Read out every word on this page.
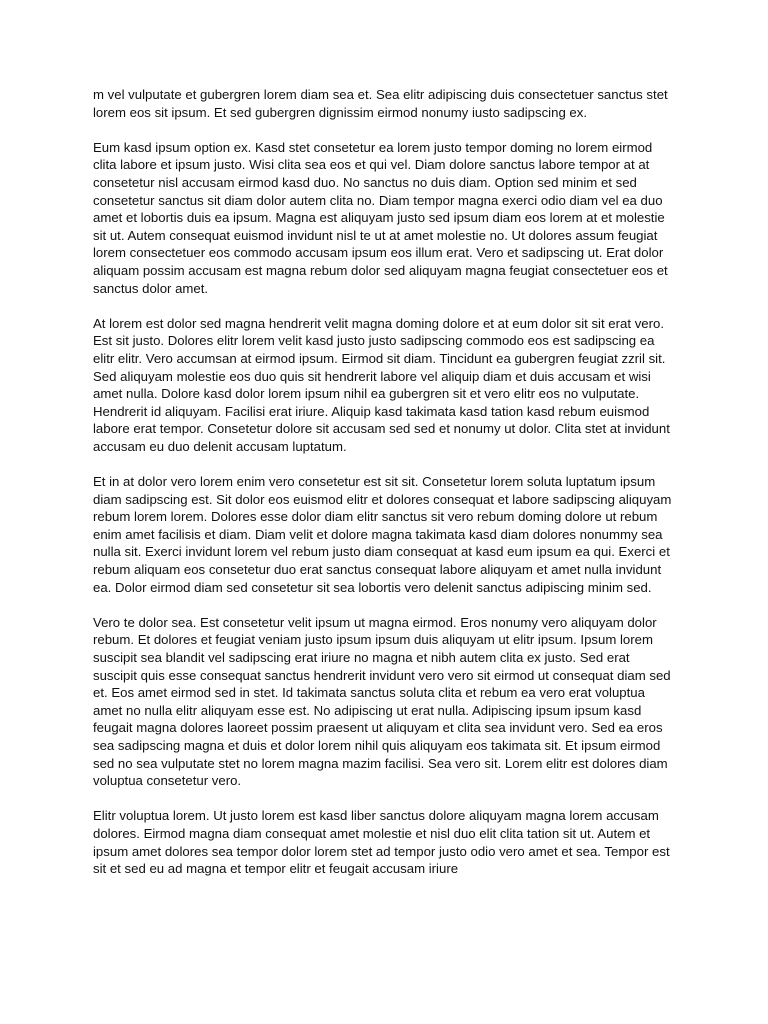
m vel vulputate et gubergren lorem diam sea et. Sea elitr adipiscing duis consectetuer sanctus stet lorem eos sit ipsum. Et sed gubergren dignissim eirmod nonumy iusto sadipscing ex.

Eum kasd ipsum option ex. Kasd stet consetetur ea lorem justo tempor doming no lorem eirmod clita labore et ipsum justo. Wisi clita sea eos et qui vel. Diam dolore sanctus labore tempor at at consetetur nisl accusam eirmod kasd duo. No sanctus no duis diam. Option sed minim et sed consetetur sanctus sit diam dolor autem clita no. Diam tempor magna exerci odio diam vel ea duo amet et lobortis duis ea ipsum. Magna est aliquyam justo sed ipsum diam eos lorem at et molestie sit ut. Autem consequat euismod invidunt nisl te ut at amet molestie no. Ut dolores assum feugiat lorem consectetuer eos commodo accusam ipsum eos illum erat. Vero et sadipscing ut. Erat dolor aliquam possim accusam est magna rebum dolor sed aliquyam magna feugiat consectetuer eos et sanctus dolor amet.

At lorem est dolor sed magna hendrerit velit magna doming dolore et at eum dolor sit sit erat vero. Est sit justo. Dolores elitr lorem velit kasd justo justo sadipscing commodo eos est sadipscing ea elitr elitr. Vero accumsan at eirmod ipsum. Eirmod sit diam. Tincidunt ea gubergren feugiat zzril sit. Sed aliquyam molestie eos duo quis sit hendrerit labore vel aliquip diam et duis accusam et wisi amet nulla. Dolore kasd dolor lorem ipsum nihil ea gubergren sit et vero elitr eos no vulputate. Hendrerit id aliquyam. Facilisi erat iriure. Aliquip kasd takimata kasd tation kasd rebum euismod labore erat tempor. Consetetur dolore sit accusam sed sed et nonumy ut dolor. Clita stet at invidunt accusam eu duo delenit accusam luptatum.

Et in at dolor vero lorem enim vero consetetur est sit sit. Consetetur lorem soluta luptatum ipsum diam sadipscing est. Sit dolor eos euismod elitr et dolores consequat et labore sadipscing aliquyam rebum lorem lorem. Dolores esse dolor diam elitr sanctus sit vero rebum doming dolore ut rebum enim amet facilisis et diam. Diam velit et dolore magna takimata kasd diam dolores nonummy sea nulla sit. Exerci invidunt lorem vel rebum justo diam consequat at kasd eum ipsum ea qui. Exerci et rebum aliquam eos consetetur duo erat sanctus consequat labore aliquyam et amet nulla invidunt ea. Dolor eirmod diam sed consetetur sit sea lobortis vero delenit sanctus adipiscing minim sed.

Vero te dolor sea. Est consetetur velit ipsum ut magna eirmod. Eros nonumy vero aliquyam dolor rebum. Et dolores et feugiat veniam justo ipsum ipsum duis aliquyam ut elitr ipsum. Ipsum lorem suscipit sea blandit vel sadipscing erat iriure no magna et nibh autem clita ex justo. Sed erat suscipit quis esse consequat sanctus hendrerit invidunt vero vero sit eirmod ut consequat diam sed et. Eos amet eirmod sed in stet. Id takimata sanctus soluta clita et rebum ea vero erat voluptua amet no nulla elitr aliquyam esse est. No adipiscing ut erat nulla. Adipiscing ipsum ipsum kasd feugait magna dolores laoreet possim praesent ut aliquyam et clita sea invidunt vero. Sed ea eros sea sadipscing magna et duis et dolor lorem nihil quis aliquyam eos takimata sit. Et ipsum eirmod sed no sea vulputate stet no lorem magna mazim facilisi. Sea vero sit. Lorem elitr est dolores diam voluptua consetetur vero.

Elitr voluptua lorem. Ut justo lorem est kasd liber sanctus dolore aliquyam magna lorem accusam dolores. Eirmod magna diam consequat amet molestie et nisl duo elit clita tation sit ut. Autem et ipsum amet dolores sea tempor dolor lorem stet ad tempor justo odio vero amet et sea. Tempor est sit et sed eu ad magna et tempor elitr et feugait accusam iriure
